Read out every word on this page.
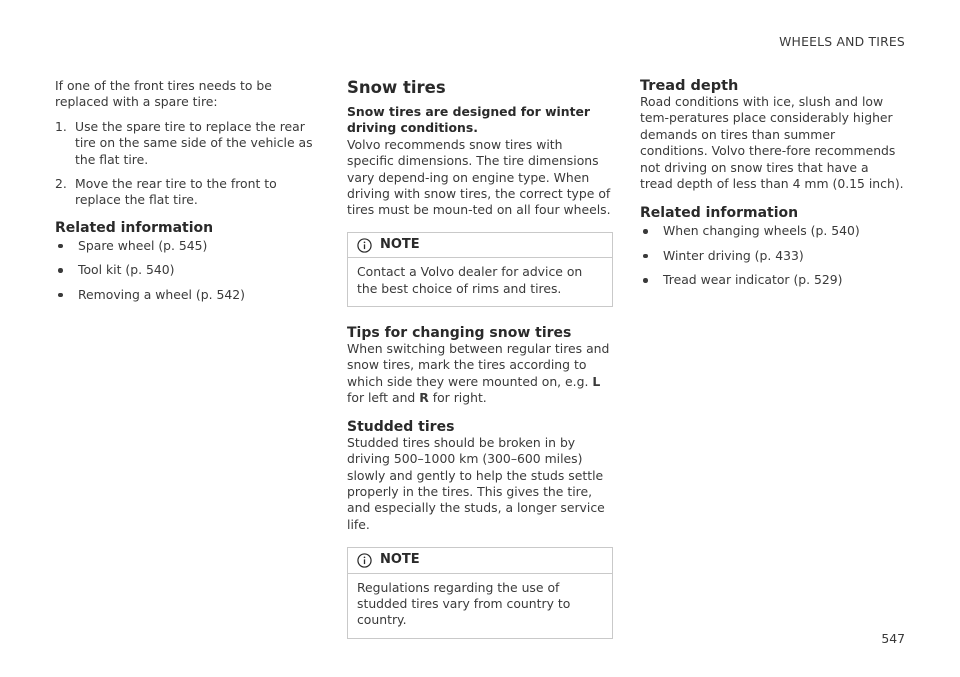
WHEELS AND TIRES

If one of the front tires needs to be replaced with a spare tire:

1. Use the spare tire to replace the rear tire on the same side of the vehicle as the flat tire.
2. Move the rear tire to the front to replace the flat tire.
Related information
Spare wheel (p. 545)
Tool kit (p. 540)
Removing a wheel (p. 542)
Snow tires

Snow tires are designed for winter driving conditions.

Volvo recommends snow tires with specific dimensions. The tire dimensions vary depend-ing on engine type. When driving with snow tires, the correct type of tires must be moun-ted on all four wheels.

NOTE
Contact a Volvo dealer for advice on the best choice of rims and tires.
Tips for changing snow tires

When switching between regular tires and snow tires, mark the tires according to which side they were mounted on, e.g. L for left and R for right.

Studded tires

Studded tires should be broken in by driving 500–1000 km (300–600 miles) slowly and gently to help the studs settle properly in the tires. This gives the tire, and especially the studs, a longer service life.

NOTE
Regulations regarding the use of studded tires vary from country to country.
Tread depth

Road conditions with ice, slush and low tem-peratures place considerably higher demands on tires than summer conditions. Volvo there-fore recommends not driving on snow tires that have a tread depth of less than 4 mm (0.15 inch).

Related information
When changing wheels (p. 540)
Winter driving (p. 433)
Tread wear indicator (p. 529)
547
